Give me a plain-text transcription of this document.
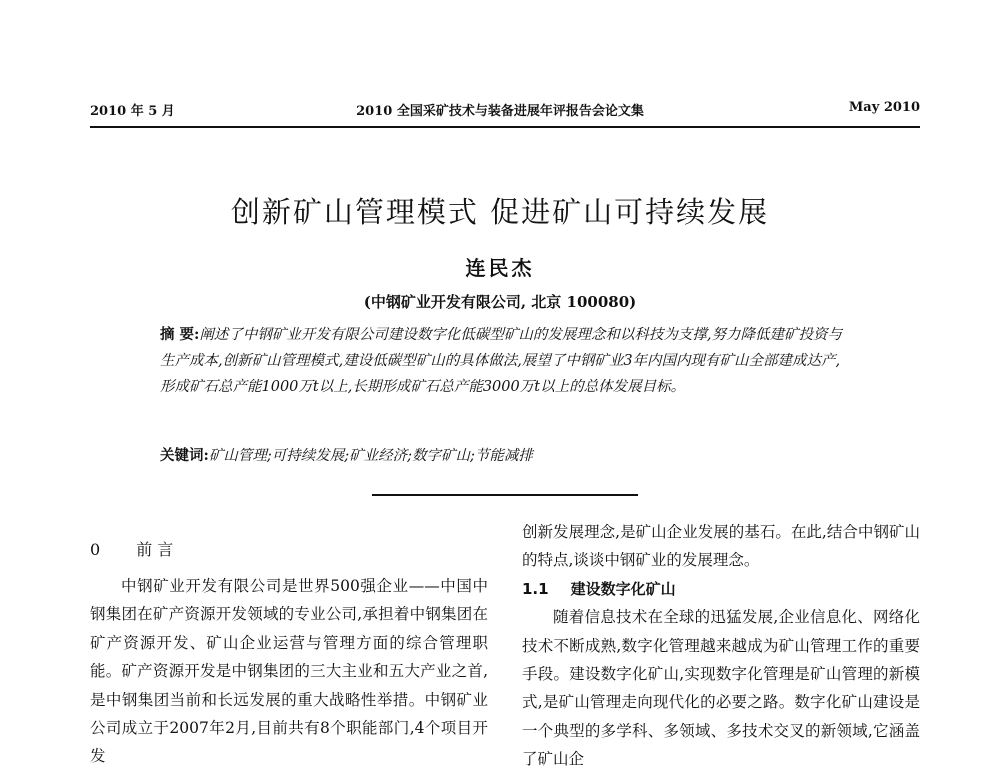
2010 年 5 月	2010 全国采矿技术与装备进展年评报告会论文集	May 2010
创新矿山管理模式 促进矿山可持续发展
连民杰
(中钢矿业开发有限公司, 北京 100080)
摘 要:阐述了中钢矿业开发有限公司建设数字化低碳型矿山的发展理念和以科技为支撑,努力降低建矿投资与生产成本,创新矿山管理模式,建设低碳型矿山的具体做法,展望了中钢矿业3年内国内现有矿山全部建成达产,形成矿石总产能1000万t以上,长期形成矿石总产能3000万t以上的总体发展目标。
关键词:矿山管理;可持续发展;矿业经济;数字矿山;节能减排
0 前 言

中钢矿业开发有限公司是世界500强企业——中国中钢集团在矿产资源开发领域的专业公司,承担着中钢集团在矿产资源开发、矿山企业运营与管理方面的综合管理职能。矿产资源开发是中钢集团的三大主业和五大产业之首,是中钢集团当前和长远发展的重大战略性举措。中钢矿业公司成立于2007年2月,目前共有8个职能部门,4个项目开发

创新发展理念,是矿山企业发展的基石。在此,结合中钢矿山的特点,谈谈中钢矿业的发展理念。

1.1 建设数字化矿山

随着信息技术在全球的迅猛发展,企业信息化、网络化技术不断成熟,数字化管理越来越成为矿山管理工作的重要手段。建设数字化矿山,实现数字化管理是矿山管理的新模式,是矿山管理走向现代化的必要之路。数字化矿山建设是一个典型的多学科、多领域、多技术交叉的新领域,它涵盖了矿山企
